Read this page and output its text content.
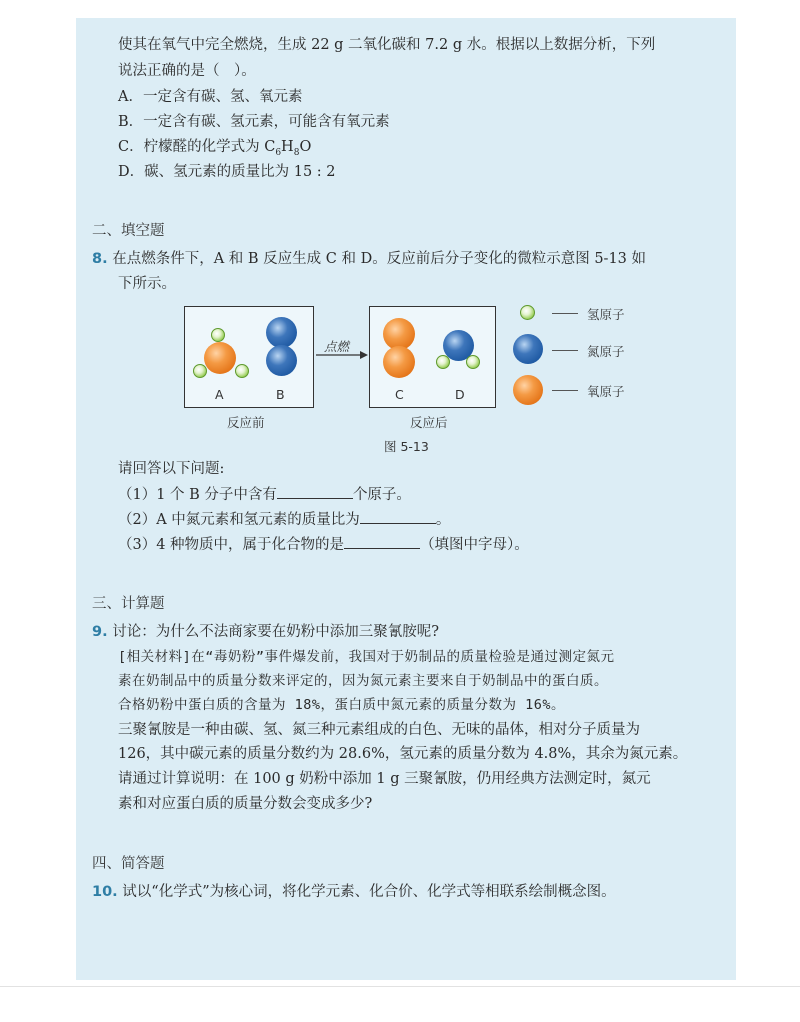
使其在氧气中完全燃烧，生成 22 g 二氧化碳和 7.2 g 水。根据以上数据分析，下列
说法正确的是（　）。
A．一定含有碳、氢、氧元素
B．一定含有碳、氢元素，可能含有氧元素
C．柠檬醛的化学式为 $C_6H_8O$
D．碳、氢元素的质量比为 15 : 2
二、填空题
8. 在点燃条件下，A 和 B 反应生成 C 和 D。反应前后分子变化的微粒示意图 5-13 如
下所示。
A	B
点燃
C	D
反应前	反应后
图 5-13
氢原子
氮原子
氧原子
请回答以下问题:
（1）1 个 B 分子中含有	个原子。
（2）A 中氮元素和氢元素的质量比为	。
（3）4 种物质中，属于化合物的是	（填图中字母）。
三、计算题
9. 讨论：为什么不法商家要在奶粉中添加三聚氰胺呢?
[相关材料]在“毒奶粉”事件爆发前，我国对于奶制品的质量检验是通过测定氮元
素在奶制品中的质量分数来评定的，因为氮元素主要来自于奶制品中的蛋白质。
合格奶粉中蛋白质的含量为 18%，蛋白质中氮元素的质量分数为 16%。
三聚氰胺是一种由碳、氢、氮三种元素组成的白色、无味的晶体，相对分子质量为
126，其中碳元素的质量分数约为 28.6%，氢元素的质量分数为 4.8%，其余为氮元素。
请通过计算说明：在 100 g 奶粉中添加 1 g 三聚氰胺，仍用经典方法测定时，氮元
素和对应蛋白质的质量分数会变成多少?
四、简答题
10. 试以“化学式”为核心词，将化学元素、化合价、化学式等相联系绘制概念图。
